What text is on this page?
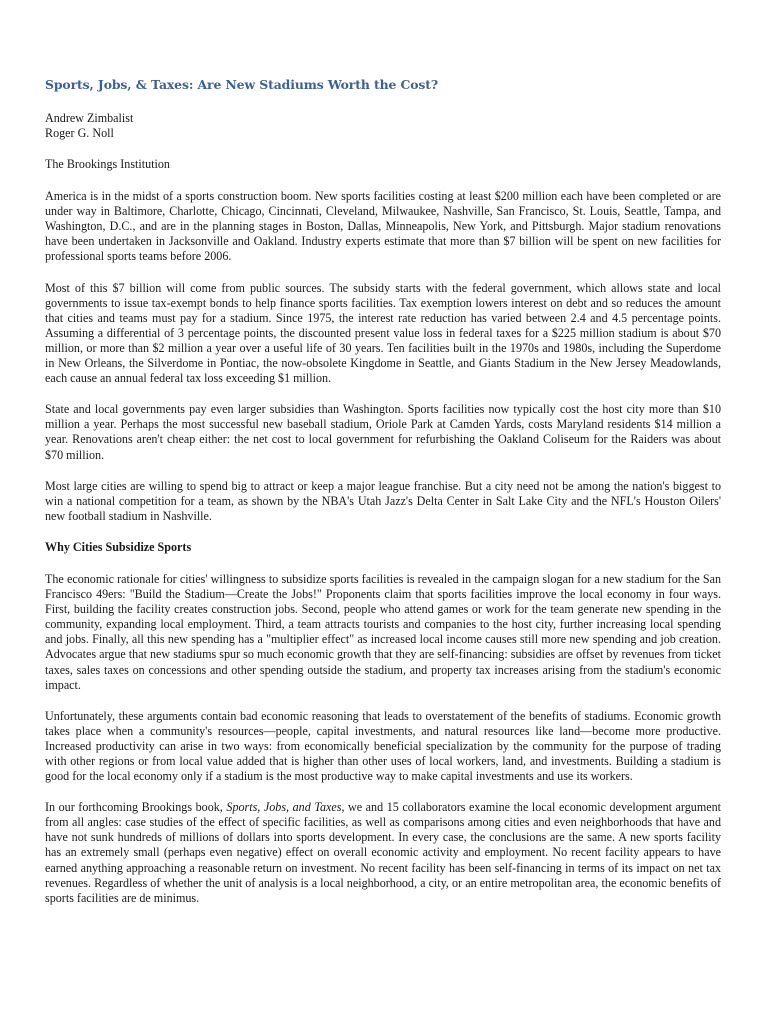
Sports, Jobs, & Taxes: Are New Stadiums Worth the Cost?
Andrew Zimbalist
Roger G. Noll
The Brookings Institution

America is in the midst of a sports construction boom. New sports facilities costing at least $200 million each have been completed or are under way in Baltimore, Charlotte, Chicago, Cincinnati, Cleveland, Milwaukee, Nashville, San Francisco, St. Louis, Seattle, Tampa, and Washington, D.C., and are in the planning stages in Boston, Dallas, Minneapolis, New York, and Pittsburgh. Major stadium renovations have been undertaken in Jacksonville and Oakland. Industry experts estimate that more than $7 billion will be spent on new facilities for professional sports teams before 2006.

Most of this $7 billion will come from public sources. The subsidy starts with the federal government, which allows state and local governments to issue tax-exempt bonds to help finance sports facilities. Tax exemption lowers interest on debt and so reduces the amount that cities and teams must pay for a stadium. Since 1975, the interest rate reduction has varied between 2.4 and 4.5 percentage points. Assuming a differential of 3 percentage points, the discounted present value loss in federal taxes for a $225 million stadium is about $70 million, or more than $2 million a year over a useful life of 30 years. Ten facilities built in the 1970s and 1980s, including the Superdome in New Orleans, the Silverdome in Pontiac, the now-obsolete Kingdome in Seattle, and Giants Stadium in the New Jersey Meadowlands, each cause an annual federal tax loss exceeding $1 million.

State and local governments pay even larger subsidies than Washington. Sports facilities now typically cost the host city more than $10 million a year. Perhaps the most successful new baseball stadium, Oriole Park at Camden Yards, costs Maryland residents $14 million a year. Renovations aren't cheap either: the net cost to local government for refurbishing the Oakland Coliseum for the Raiders was about $70 million.

Most large cities are willing to spend big to attract or keep a major league franchise. But a city need not be among the nation's biggest to win a national competition for a team, as shown by the NBA's Utah Jazz's Delta Center in Salt Lake City and the NFL's Houston Oilers' new football stadium in Nashville.

Why Cities Subsidize Sports

The economic rationale for cities' willingness to subsidize sports facilities is revealed in the campaign slogan for a new stadium for the San Francisco 49ers: "Build the Stadium—Create the Jobs!" Proponents claim that sports facilities improve the local economy in four ways. First, building the facility creates construction jobs. Second, people who attend games or work for the team generate new spending in the community, expanding local employment. Third, a team attracts tourists and companies to the host city, further increasing local spending and jobs. Finally, all this new spending has a "multiplier effect" as increased local income causes still more new spending and job creation. Advocates argue that new stadiums spur so much economic growth that they are self-financing: subsidies are offset by revenues from ticket taxes, sales taxes on concessions and other spending outside the stadium, and property tax increases arising from the stadium's economic impact.

Unfortunately, these arguments contain bad economic reasoning that leads to overstatement of the benefits of stadiums. Economic growth takes place when a community's resources—people, capital investments, and natural resources like land—become more productive. Increased productivity can arise in two ways: from economically beneficial specialization by the community for the purpose of trading with other regions or from local value added that is higher than other uses of local workers, land, and investments. Building a stadium is good for the local economy only if a stadium is the most productive way to make capital investments and use its workers.

In our forthcoming Brookings book, Sports, Jobs, and Taxes, we and 15 collaborators examine the local economic development argument from all angles: case studies of the effect of specific facilities, as well as comparisons among cities and even neighborhoods that have and have not sunk hundreds of millions of dollars into sports development. In every case, the conclusions are the same. A new sports facility has an extremely small (perhaps even negative) effect on overall economic activity and employment. No recent facility appears to have earned anything approaching a reasonable return on investment. No recent facility has been self-financing in terms of its impact on net tax revenues. Regardless of whether the unit of analysis is a local neighborhood, a city, or an entire metropolitan area, the economic benefits of sports facilities are de minimus.
